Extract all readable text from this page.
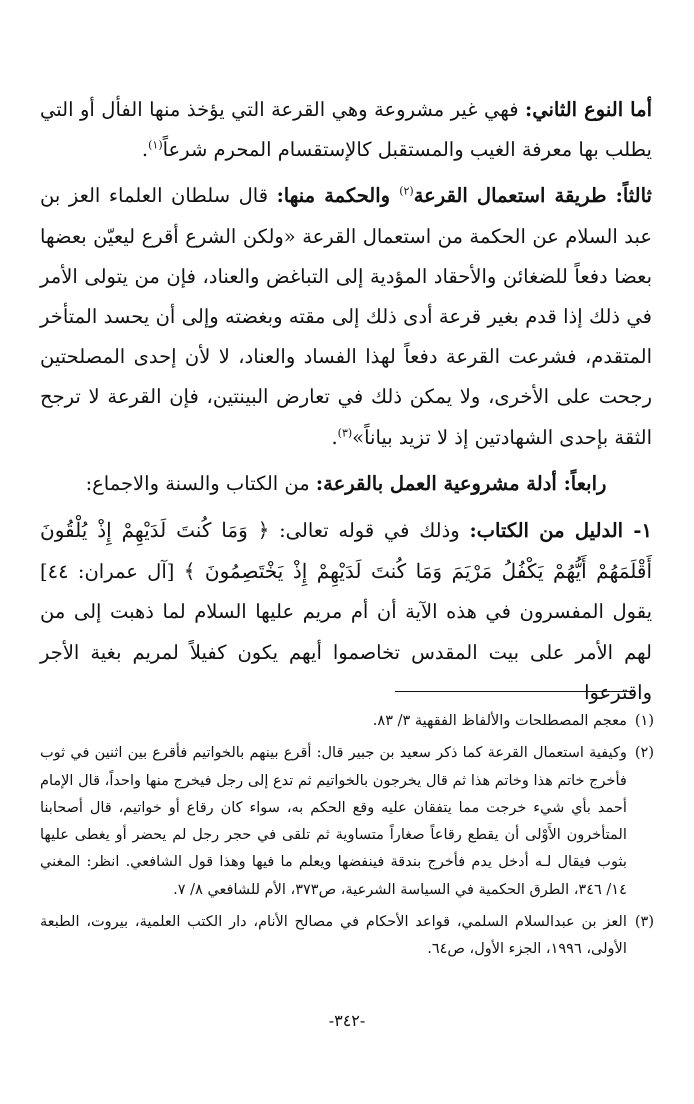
أما النوع الثاني: فهي غير مشروعة وهي القرعة التي يؤخذ منها الفأل أو التي يطلب بها معرفة الغيب والمستقبل كالإستقسام المحرم شرعاً$^{(١)}$.

ثالثاً: طريقة استعمال القرعة$^{(٢)}$ والحكمة منها: قال سلطان العلماء العز بن عبد السلام عن الحكمة من استعمال القرعة «ولكن الشرع أقرع ليعيّن بعضها بعضا دفعاً للضغائن والأحقاد المؤدية إلى التباغض والعناد، فإن من يتولى الأمر في ذلك إذا قدم بغير قرعة أدى ذلك إلى مقته وبغضته وإلى أن يحسد المتأخر المتقدم، فشرعت القرعة دفعاً لهذا الفساد والعناد، لا لأن إحدى المصلحتين رجحت على الأخرى، ولا يمكن ذلك في تعارض البينتين، فإن القرعة لا ترجح الثقة بإحدى الشهادتين إذ لا تزيد بياناً»$^{(٣)}$.

رابعاً: أدلة مشروعية العمل بالقرعة: من الكتاب والسنة والاجماع:

١- الدليل من الكتاب: وذلك في قوله تعالى: ﴿ وَمَا كُنتَ لَدَيْهِمْ إِذْ يُلْقُونَ أَقْلَمَهُمْ أَيُّهُمْ يَكْفُلُ مَرْيَمَ وَمَا كُنتَ لَدَيْهِمْ إِذْ يَخْتَصِمُونَ ﴾ [آل عمران: ٤٤] يقول المفسرون في هذه الآية أن أم مريم عليها السلام لما ذهبت إلى من لهم الأمر على بيت المقدس تخاصموا أيهم يكون كفيلاً لمريم بغية الأجر واقترعوا

(١)
معجم المصطلحات والألفاظ الفقهية ٣/ ٨٣.
(٢)
وكيفية استعمال القرعة كما ذكر سعيد بن جبير قال: أقرع بينهم بالخواتيم فأقرع بين اثنين في ثوب فأخرج خاتم هذا وخاتم هذا ثم قال يخرجون بالخواتيم ثم تدع إلى رجل فيخرج منها واحداً، قال الإمام أحمد بأي شيء خرجت مما يتفقان عليه وقع الحكم به، سواء كان رقاع أو خواتيم، قال أصحابنا المتأخرون الأَوْلى أن يقطع رقاعاً صغاراً متساوية ثم تلقى في حجر رجل لم يحضر أو يغطى عليها بثوب فيقال لـه أدخل يدم فأخرج بندقة فينفضها ويعلم ما فيها وهذا قول الشافعي. انظر: المغني ١٤/ ٣٤٦، الطرق الحكمية في السياسة الشرعية، ص٣٧٣، الأم للشافعي ٨/ ٧.
(٣)
العز بن عبدالسلام السلمي، قواعد الأحكام في مصالح الأنام، دار الكتب العلمية، بيروت، الطبعة الأولى، ١٩٩٦، الجزء الأول، ص٦٤.
-٣٤٢-
